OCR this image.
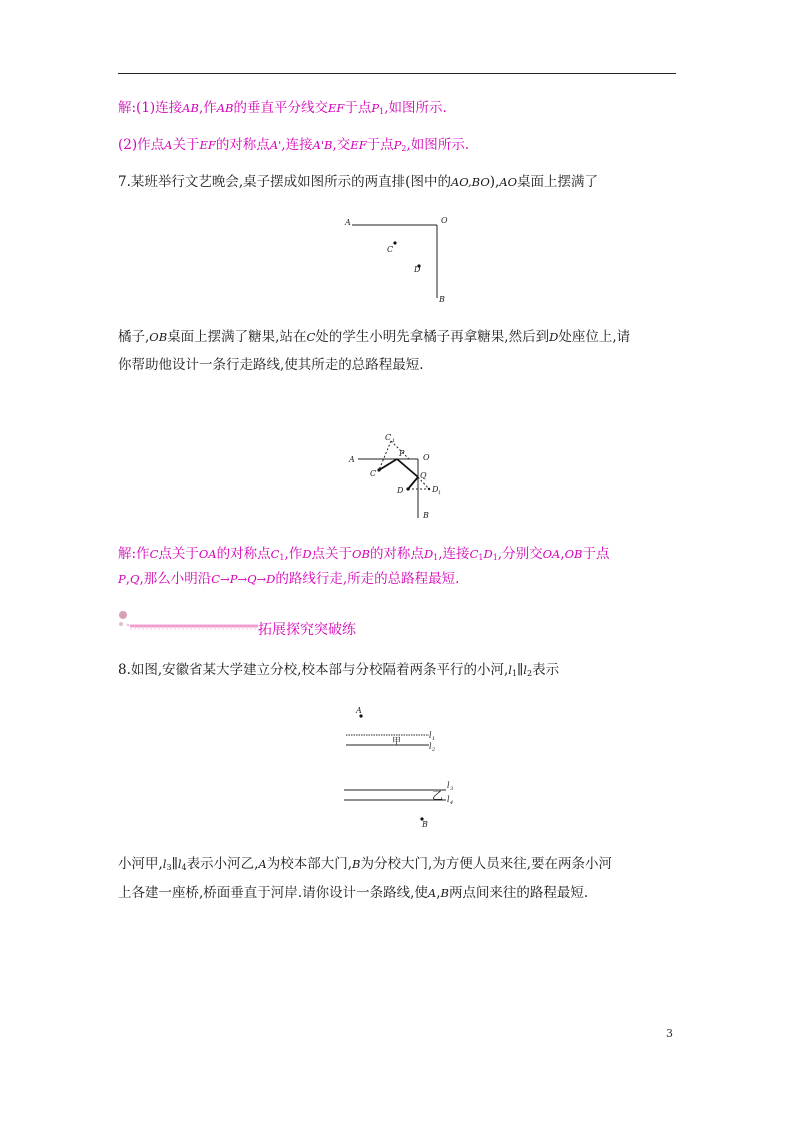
解:(1)连接AB,作AB的垂直平分线交EF于点$P_1$,如图所示.
(2)作点A关于EF的对称点A',连接A'B,交EF于点$P_2$,如图所示.
7.某班举行文艺晚会,桌子摆成如图所示的两直排(图中的AO,BO),AO桌面上摆满了
A	O
C
D
B
橘子,OB桌面上摆满了糖果,站在C处的学生小明先拿橘子再拿糖果,然后到D处座位上,请
你帮助他设计一条行走路线,使其所走的总路程最短.
C 1
A
P O
C	Q
D	D 1
B
解:作C点关于OA的对称点$C_1$,作D点关于OB的对称点$D_1$,连接$C_1D_1$,分别交OA,OB于点
P,Q,那么小明沿C→P→Q→D的路线行走,所走的总路程最短.
拓展探究突破练
8.如图,安徽省某大学建立分校,校本部与分校隔着两条平行的小河$,l_1\parallel l_2$表示
A
l 1
l 2
甲
l 3
l 4
乙
B
小河甲$,l_3\parallel l_4$表示小河乙,A为校本部大门,B为分校大门,为方便人员来往,要在两条小河
上各建一座桥,桥面垂直于河岸.请你设计一条路线,使A,B两点间来往的路程最短.
3
